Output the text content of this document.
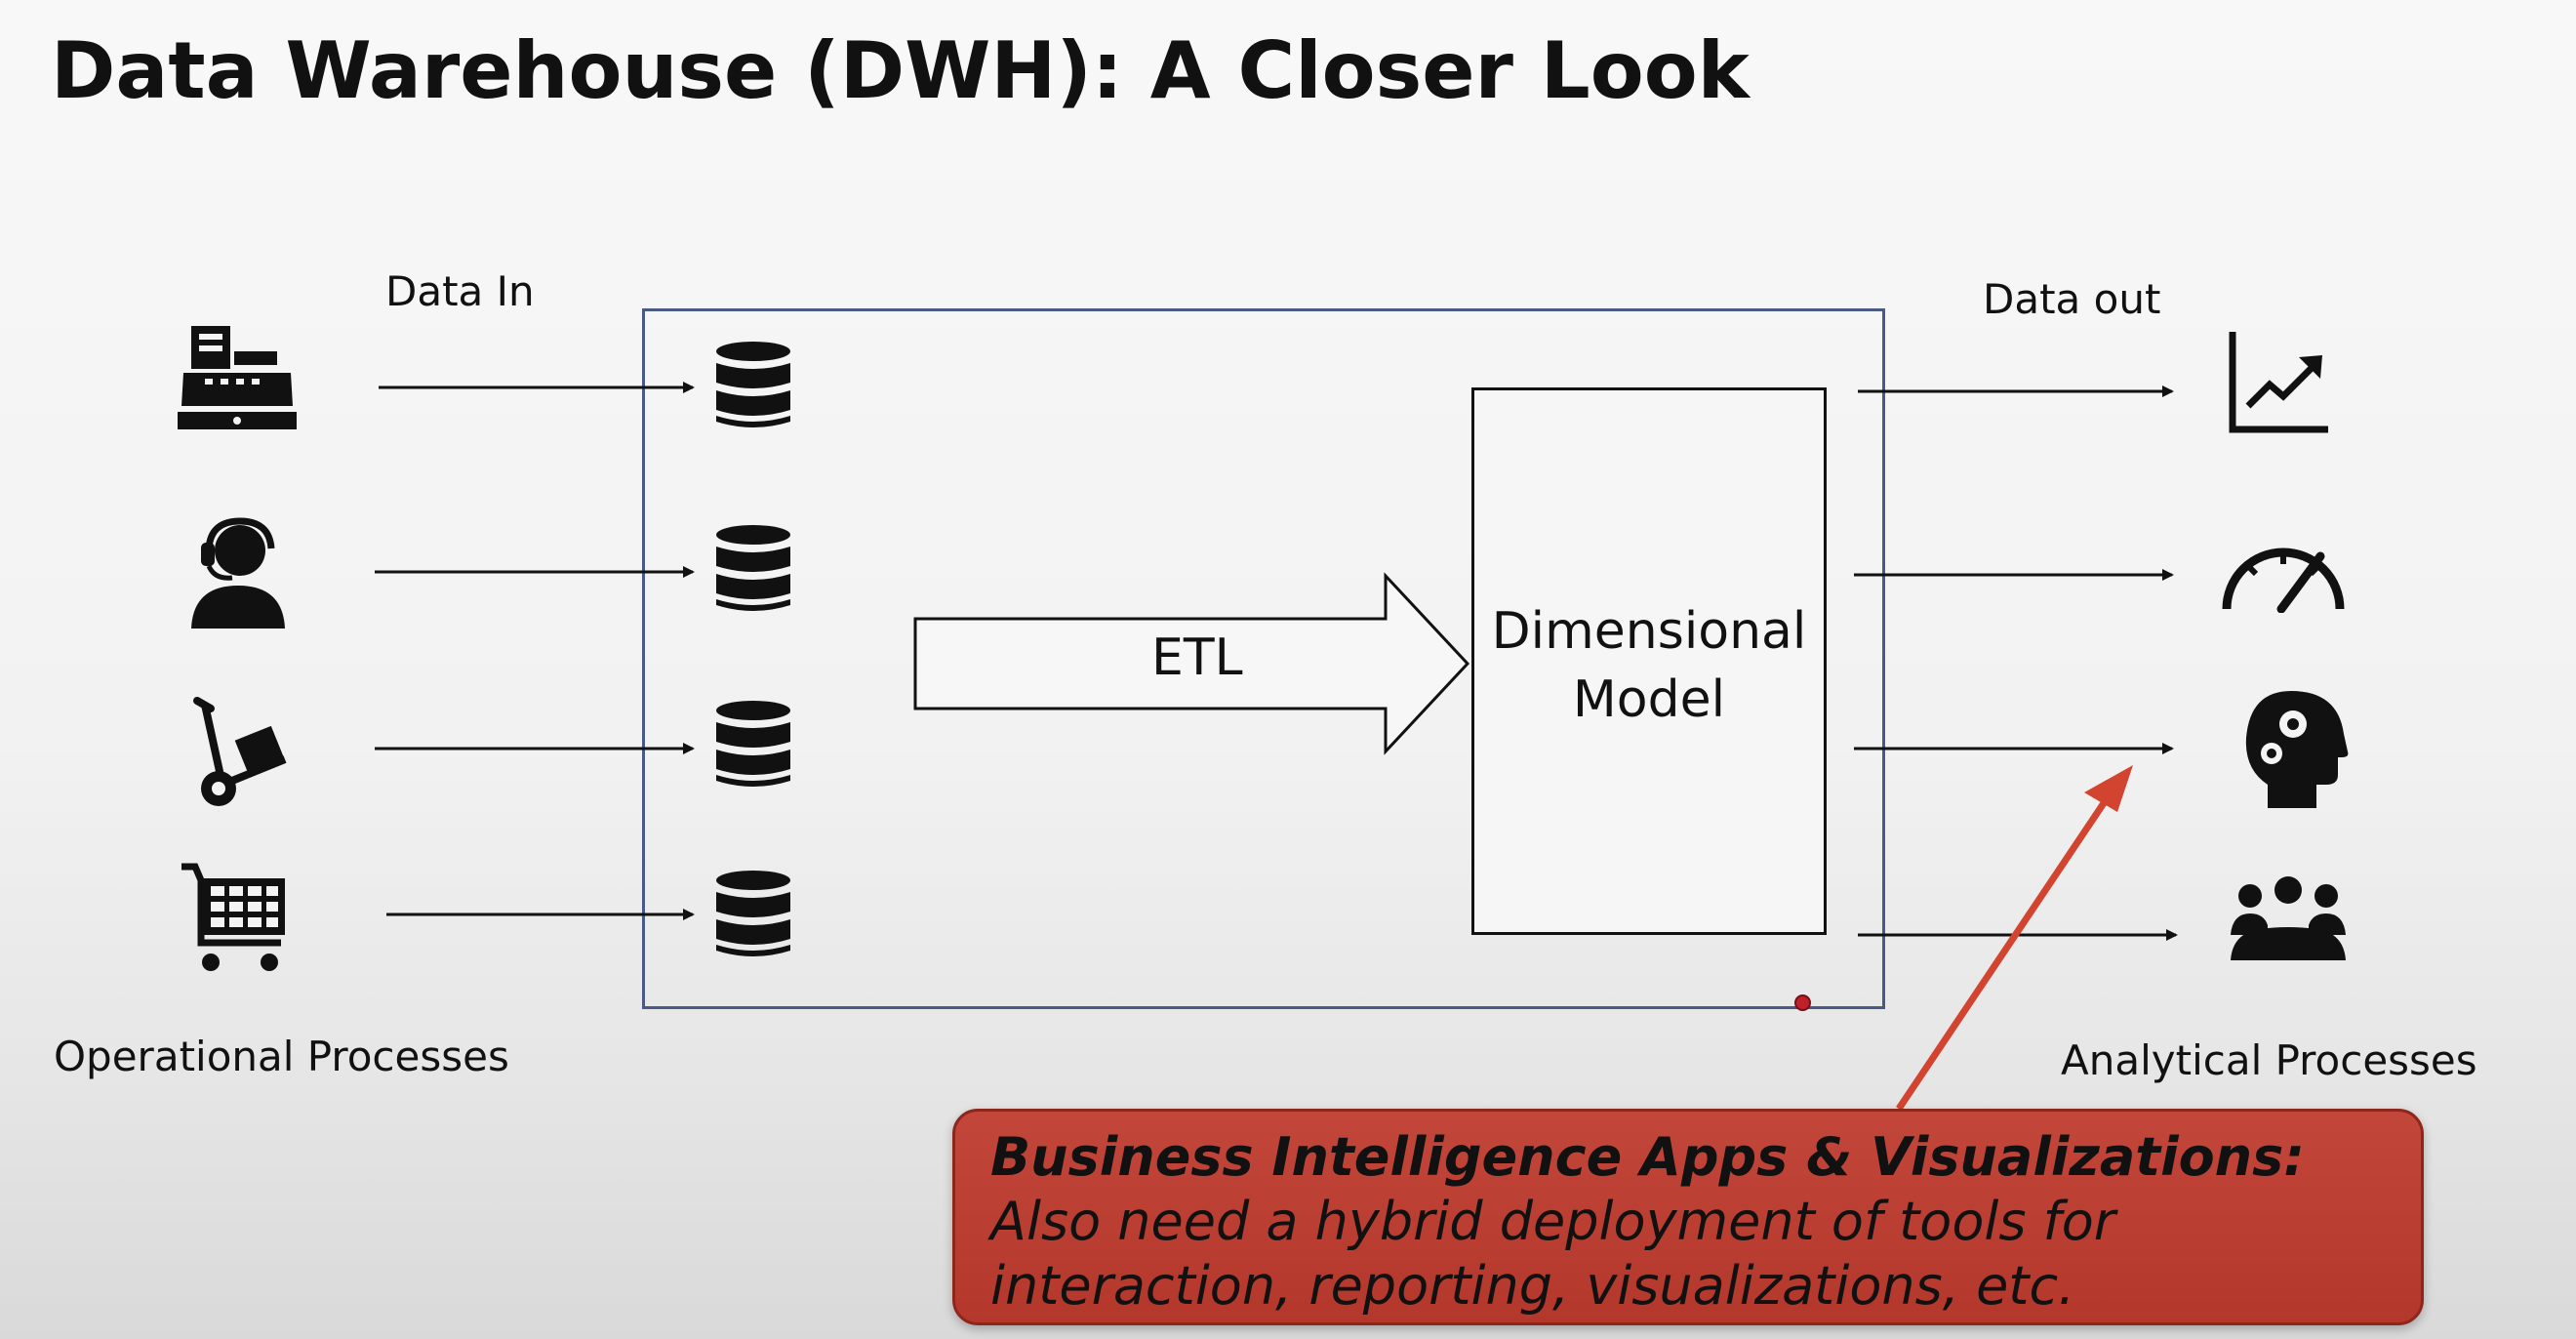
Data Warehouse (DWH): A Closer Look
Data In	Data out
Operational Processes	Analytical Processes
ETL	Dimensional
Model
Business Intelligence Apps & Visualizations: Also need a hybrid deployment of tools for interaction, reporting, visualizations, etc.
